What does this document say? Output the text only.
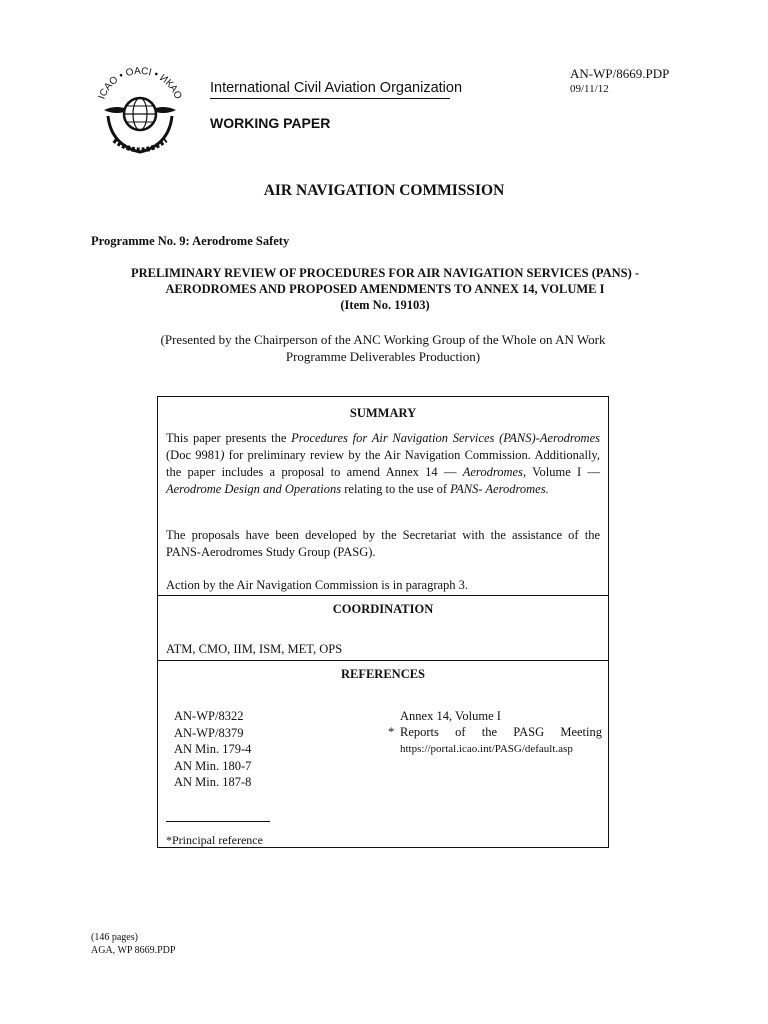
ICAO • OACI • ИКАО International Civil Aviation Organization
WORKING PAPER
AN-WP/8669.PDP
09/11/12
AIR NAVIGATION COMMISSION
Programme No. 9: Aerodrome Safety
PRELIMINARY REVIEW OF PROCEDURES FOR AIR NAVIGATION SERVICES (PANS) -
AERODROMES AND PROPOSED AMENDMENTS TO ANNEX 14, VOLUME I
(Item No. 19103)
(Presented by the Chairperson of the ANC Working Group of the Whole on AN Work Programme Deliverables Production)
SUMMARY
This paper presents the Procedures for Air Navigation Services (PANS)-Aerodromes (Doc 9981) for preliminary review by the Air Navigation Commission. Additionally, the paper includes a proposal to amend Annex 14 — Aerodromes, Volume I — Aerodrome Design and Operations relating to the use of PANS- Aerodromes.
The proposals have been developed by the Secretariat with the assistance of the PANS-Aerodromes Study Group (PASG).
Action by the Air Navigation Commission is in paragraph 3.
COORDINATION
ATM, CMO, IIM, ISM, MET, OPS
REFERENCES
AN-WP/8322
AN-WP/8379
AN Min. 179-4
AN Min. 180-7
AN Min. 187-8
Annex 14, Volume I
* Reports of the PASG Meeting
https://portal.icao.int/PASG/default.asp
*Principal reference
(146 pages)
AGA, WP 8669.PDP
